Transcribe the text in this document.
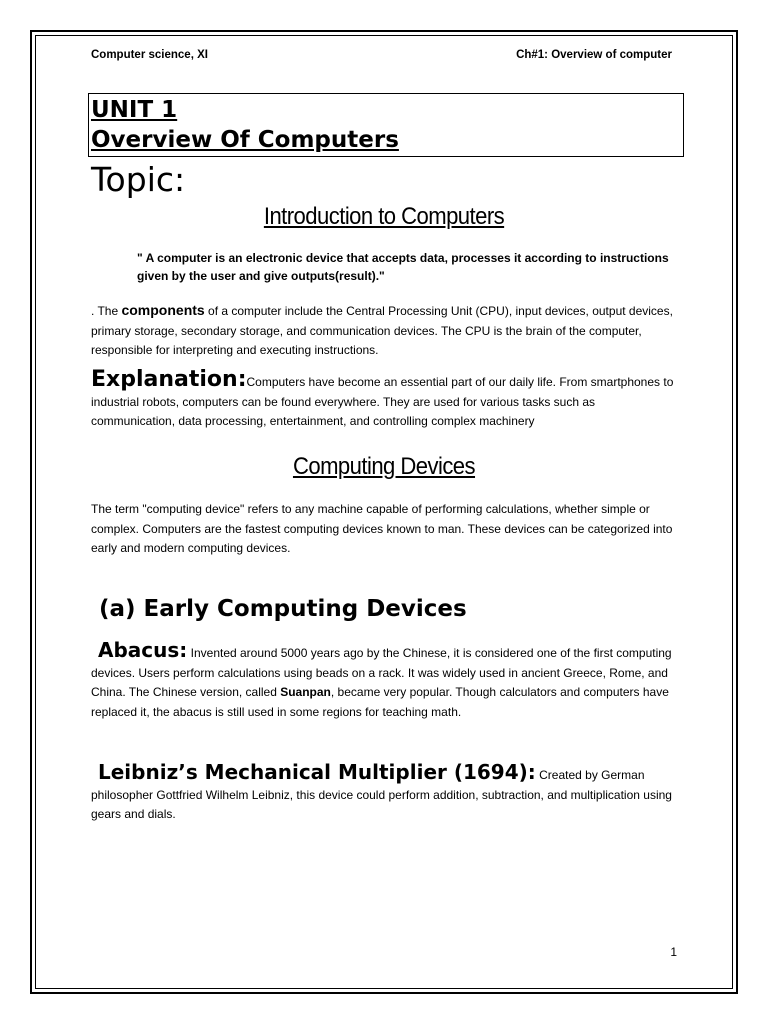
Computer science, XI	Ch#1: Overview of computer
UNIT 1
Overview Of Computers
Topic:
Introduction to Computers
" A computer is an electronic device that accepts data, processes it according to instructions given by the user and give outputs(result)."
. The components of a computer include the Central Processing Unit (CPU), input devices, output devices, primary storage, secondary storage, and communication devices. The CPU is the brain of the computer, responsible for interpreting and executing instructions.
Explanation:Computers have become an essential part of our daily life. From smartphones to industrial robots, computers can be found everywhere. They are used for various tasks such as communication, data processing, entertainment, and controlling complex machinery
Computing Devices
The term "computing device" refers to any machine capable of performing calculations, whether simple or complex. Computers are the fastest computing devices known to man. These devices can be categorized into early and modern computing devices.
(a) Early Computing Devices
Abacus: Invented around 5000 years ago by the Chinese, it is considered one of the first computing devices. Users perform calculations using beads on a rack. It was widely used in ancient Greece, Rome, and China. The Chinese version, called Suanpan, became very popular. Though calculators and computers have replaced it, the abacus is still used in some regions for teaching math.
Leibniz’s Mechanical Multiplier (1694): Created by German philosopher Gottfried Wilhelm Leibniz, this device could perform addition, subtraction, and multiplication using gears and dials.
1
